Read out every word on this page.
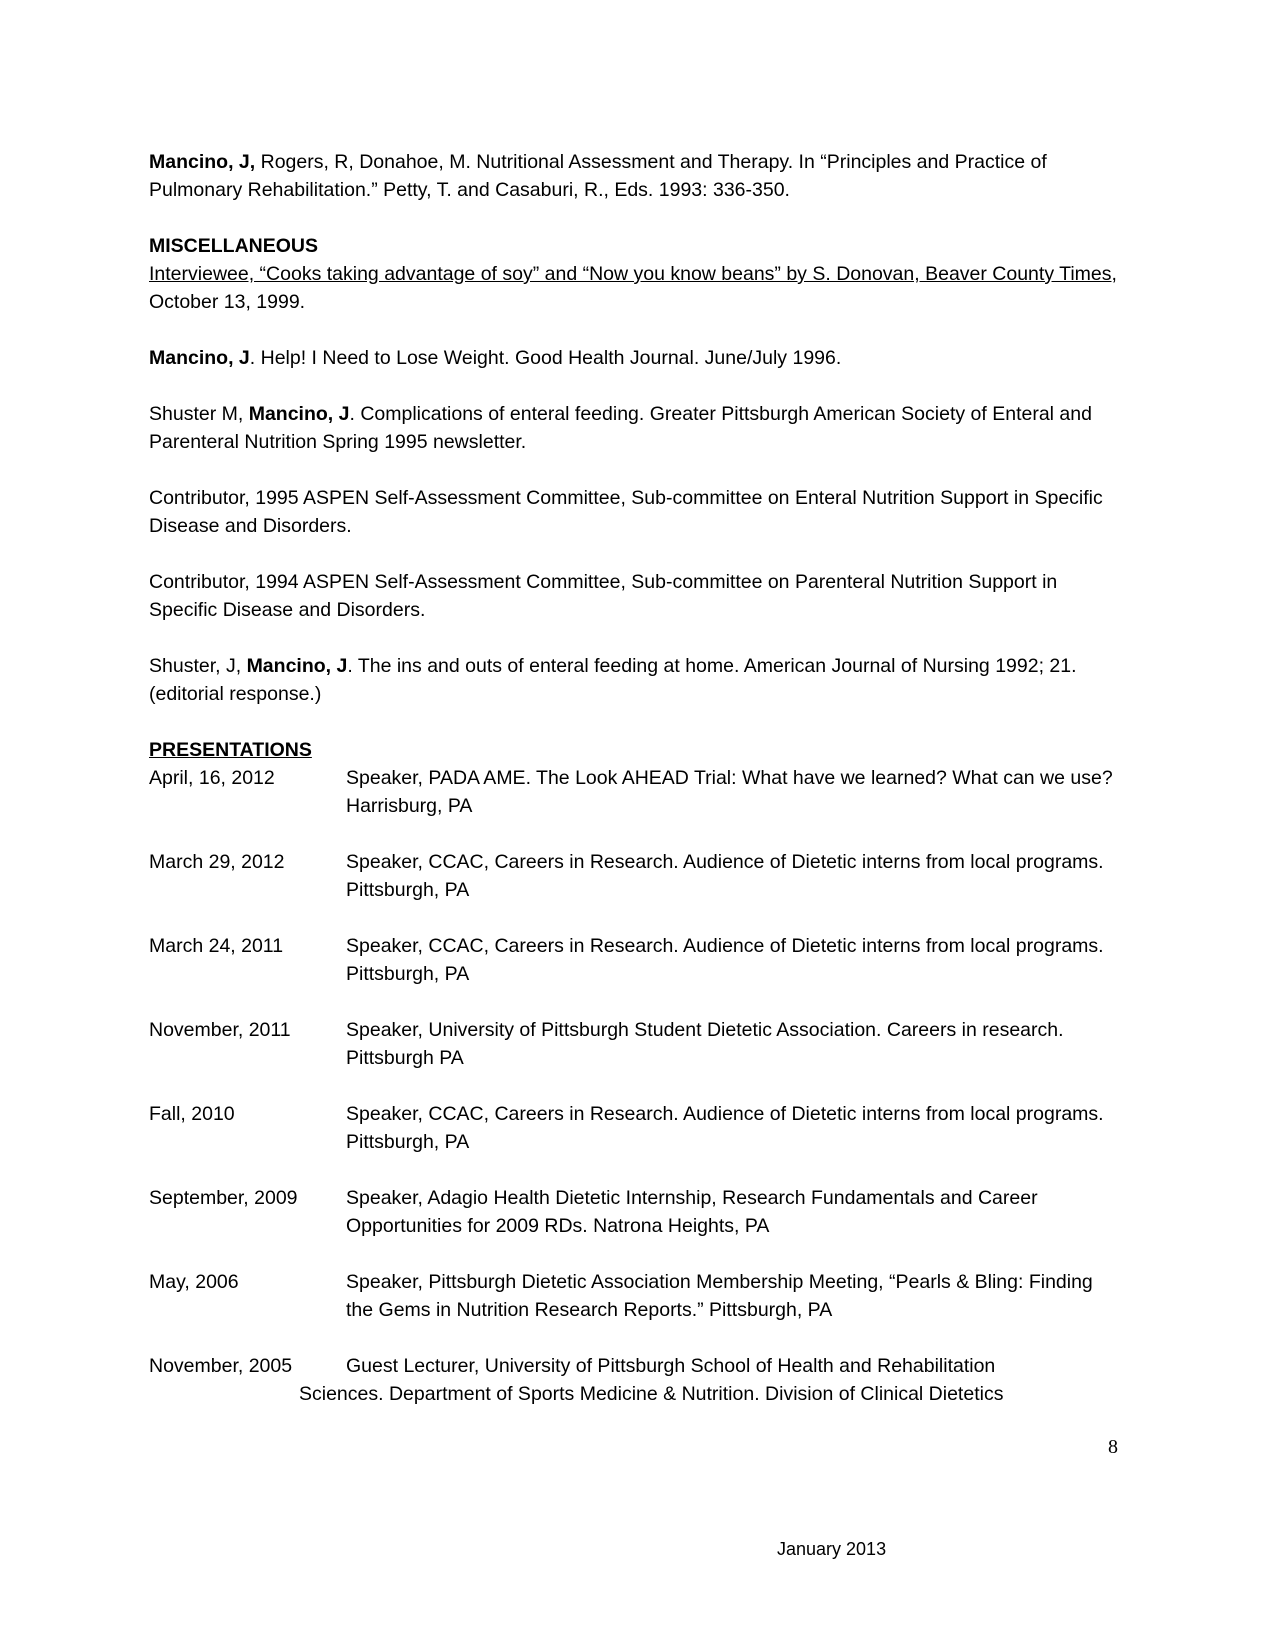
Mancino, J, Rogers, R, Donahoe, M. Nutritional Assessment and Therapy. In “Principles and Practice of Pulmonary Rehabilitation.” Petty, T. and Casaburi, R., Eds. 1993: 336-350.

MISCELLANEOUS

Interviewee, “Cooks taking advantage of soy” and “Now you know beans” by S. Donovan, Beaver County Times, October 13, 1999.

Mancino, J. Help! I Need to Lose Weight. Good Health Journal. June/July 1996.

Shuster M, Mancino, J. Complications of enteral feeding. Greater Pittsburgh American Society of Enteral and Parenteral Nutrition Spring 1995 newsletter.

Contributor, 1995 ASPEN Self-Assessment Committee, Sub-committee on Enteral Nutrition Support in Specific Disease and Disorders.

Contributor, 1994 ASPEN Self-Assessment Committee, Sub-committee on Parenteral Nutrition Support in Specific Disease and Disorders.

Shuster, J, Mancino, J. The ins and outs of enteral feeding at home. American Journal of Nursing 1992; 21. (editorial response.)

PRESENTATIONS

April, 16, 2012	Speaker, PADA AME. The Look AHEAD Trial: What have we learned? What can we use? Harrisburg, PA
March 29, 2012	Speaker, CCAC, Careers in Research. Audience of Dietetic interns from local programs. Pittsburgh, PA
March 24, 2011	Speaker, CCAC, Careers in Research. Audience of Dietetic interns from local programs. Pittsburgh, PA
November, 2011	Speaker, University of Pittsburgh Student Dietetic Association. Careers in research. Pittsburgh PA
Fall, 2010	Speaker, CCAC, Careers in Research. Audience of Dietetic interns from local programs. Pittsburgh, PA
September, 2009	Speaker, Adagio Health Dietetic Internship, Research Fundamentals and Career Opportunities for 2009 RDs. Natrona Heights, PA
May, 2006	Speaker, Pittsburgh Dietetic Association Membership Meeting, “Pearls & Bling: Finding the Gems in Nutrition Research Reports.” Pittsburgh, PA
November, 2005	Guest Lecturer, University of Pittsburgh School of Health and Rehabilitation
Sciences. Department of Sports Medicine & Nutrition. Division of Clinical Dietetics
8
January 2013
